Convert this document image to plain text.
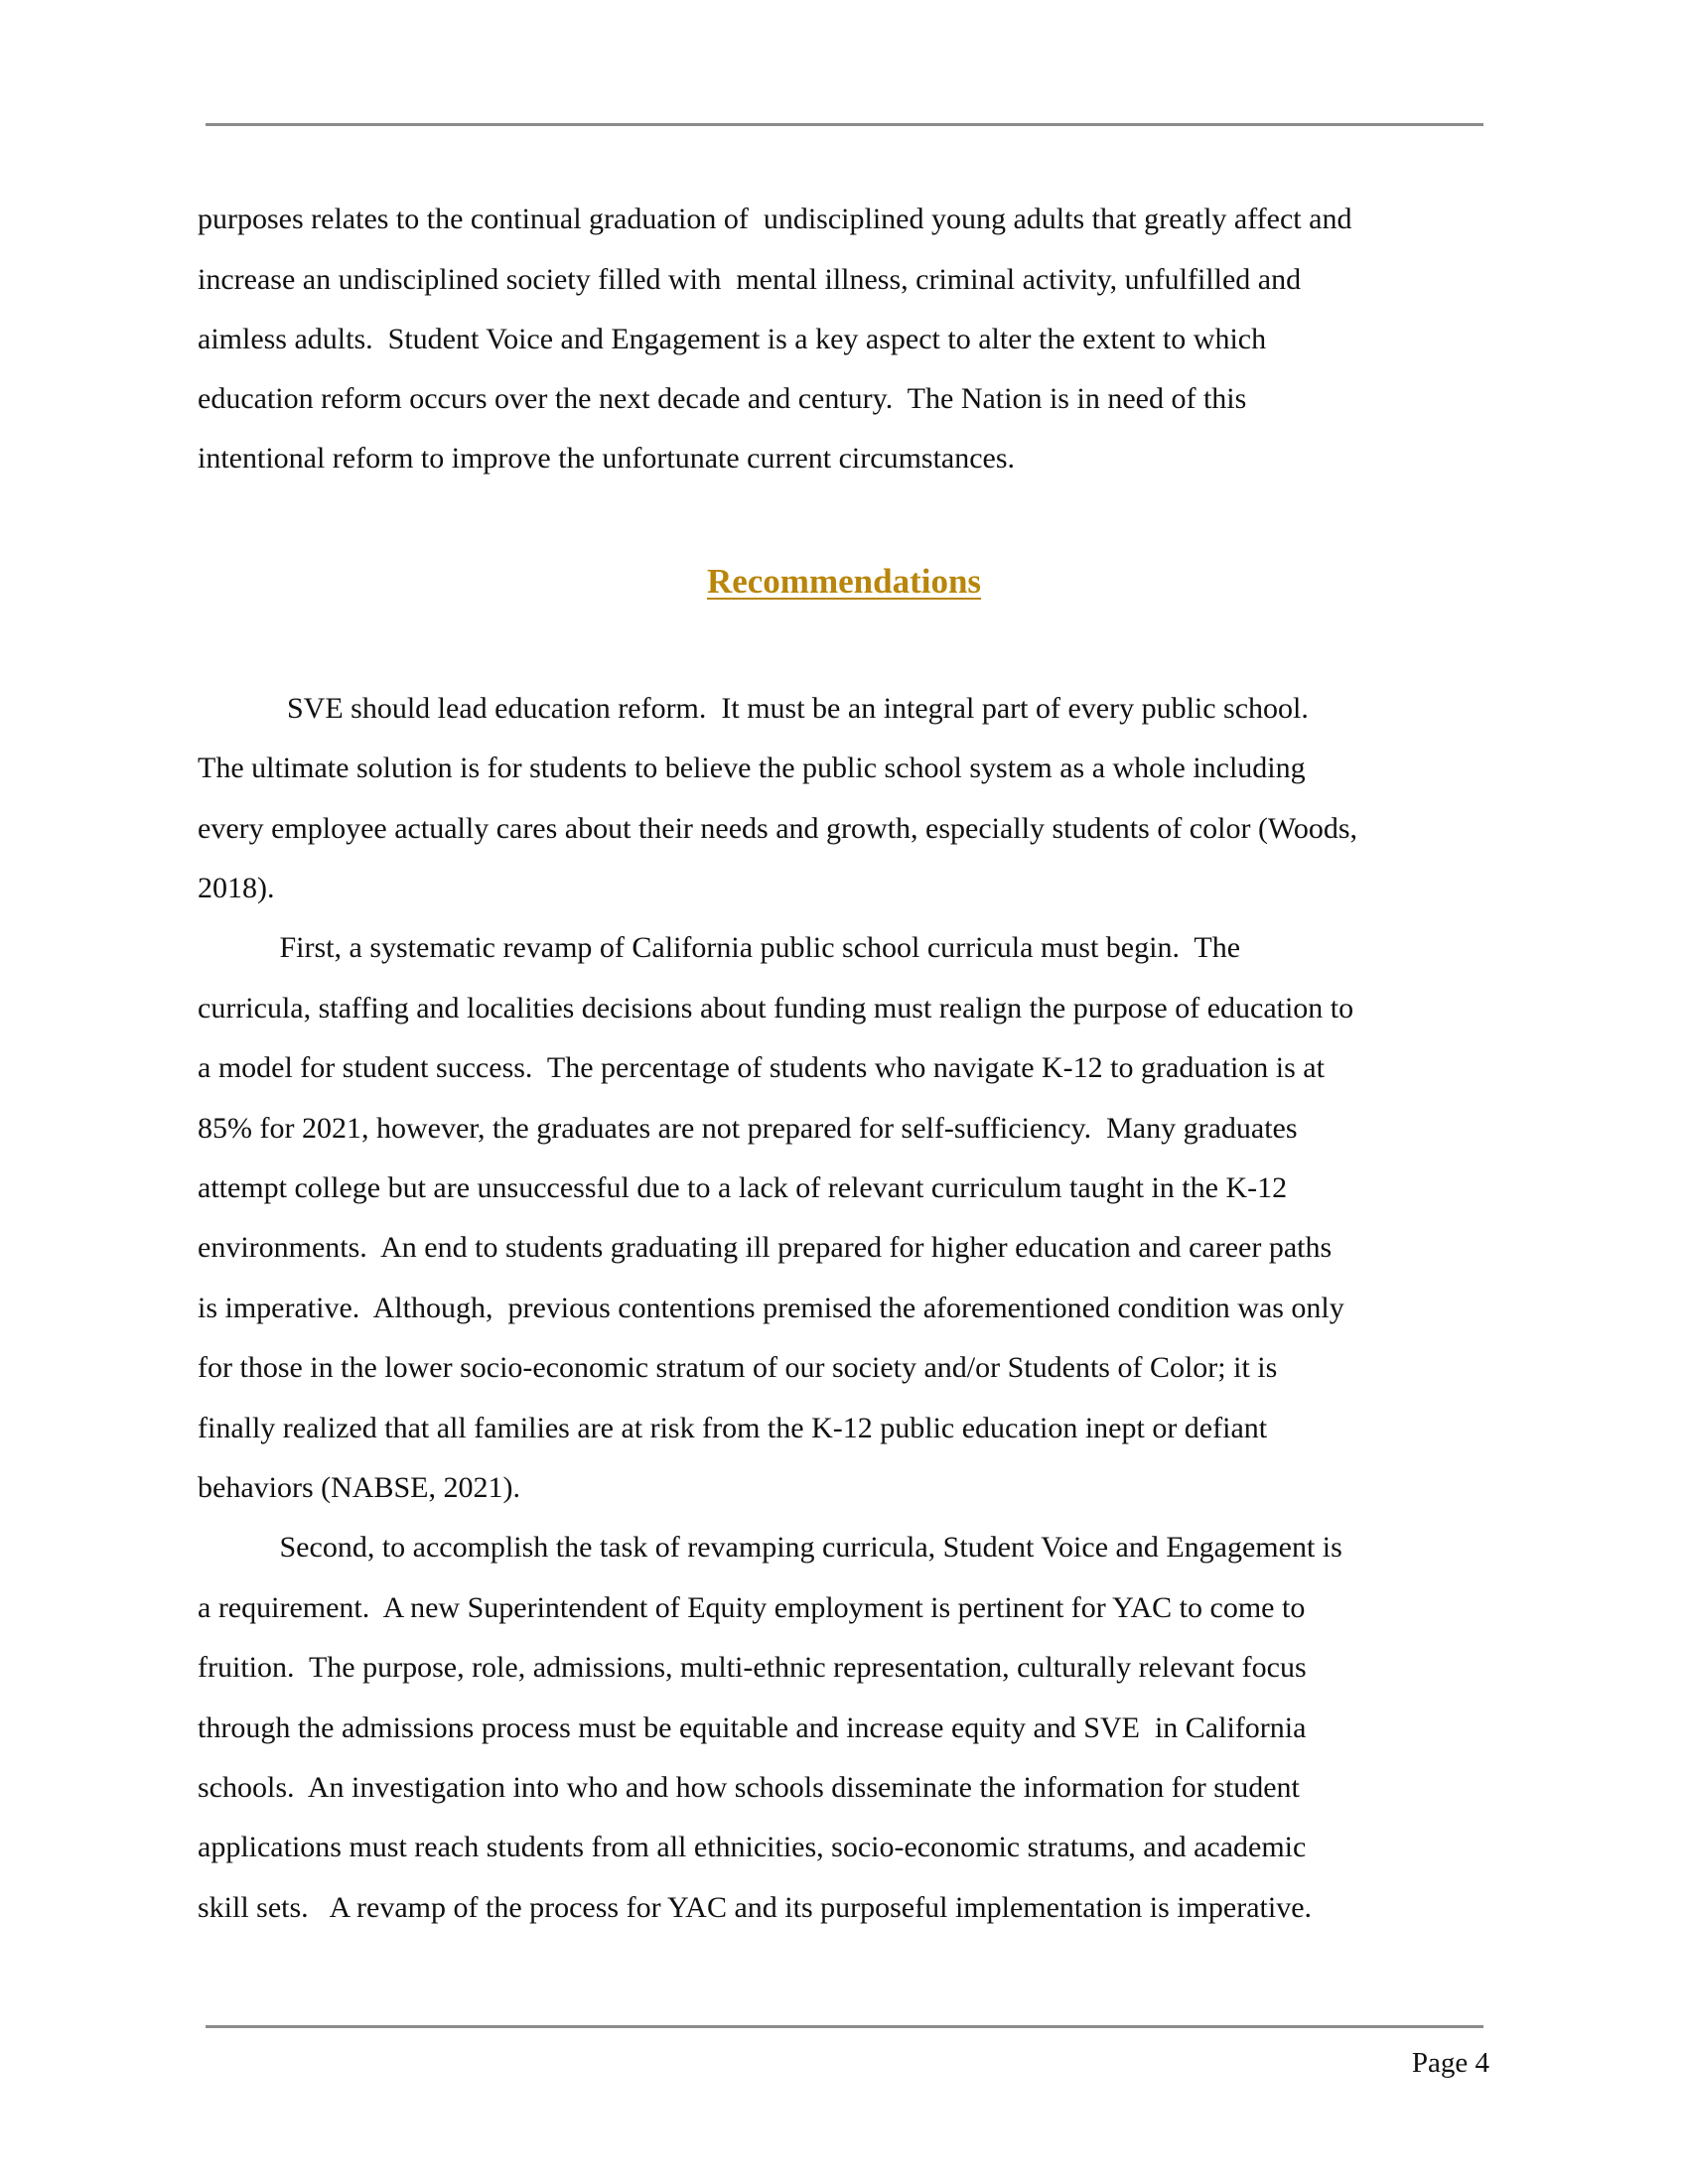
purposes relates to the continual graduation of  undisciplined young adults that greatly affect and
increase an undisciplined society filled with  mental illness, criminal activity, unfulfilled and
aimless adults.  Student Voice and Engagement is a key aspect to alter the extent to which
education reform occurs over the next decade and century.  The Nation is in need of this
intentional reform to improve the unfortunate current circumstances.
Recommendations
SVE should lead education reform.  It must be an integral part of every public school.
The ultimate solution is for students to believe the public school system as a whole including
every employee actually cares about their needs and growth, especially students of color (Woods,
2018).
First, a systematic revamp of California public school curricula must begin.  The
curricula, staffing and localities decisions about funding must realign the purpose of education to
a model for student success.  The percentage of students who navigate K-12 to graduation is at
85% for 2021, however, the graduates are not prepared for self-sufficiency.  Many graduates
attempt college but are unsuccessful due to a lack of relevant curriculum taught in the K-12
environments.  An end to students graduating ill prepared for higher education and career paths
is imperative.  Although,  previous contentions premised the aforementioned condition was only
for those in the lower socio-economic stratum of our society and/or Students of Color; it is
finally realized that all families are at risk from the K-12 public education inept or defiant
behaviors (NABSE, 2021).
Second, to accomplish the task of revamping curricula, Student Voice and Engagement is
a requirement.  A new Superintendent of Equity employment is pertinent for YAC to come to
fruition.  The purpose, role, admissions, multi-ethnic representation, culturally relevant focus
through the admissions process must be equitable and increase equity and SVE  in California
schools.  An investigation into who and how schools disseminate the information for student
applications must reach students from all ethnicities, socio-economic stratums, and academic
skill sets.   A revamp of the process for YAC and its purposeful implementation is imperative.
Page 4
